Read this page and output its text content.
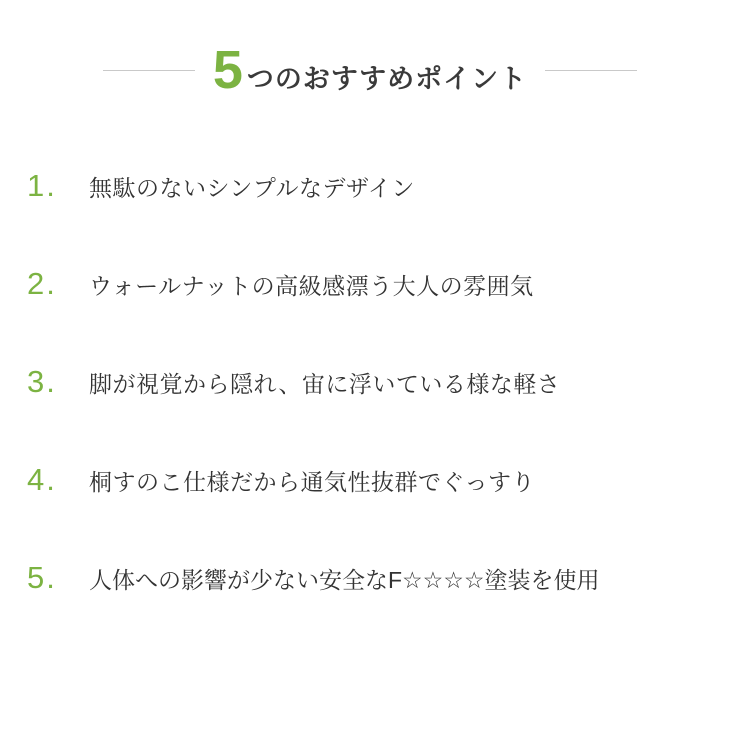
5 つのおすすめポイント
1.	無駄のないシンプルなデザイン
2.	ウォールナットの高級感漂う大人の雰囲気
3.	脚が視覚から隠れ、宙に浮いている様な軽さ
4.	桐すのこ仕様だから通気性抜群でぐっすり
5.	人体への影響が少ない安全なF☆☆☆☆塗装を使用
